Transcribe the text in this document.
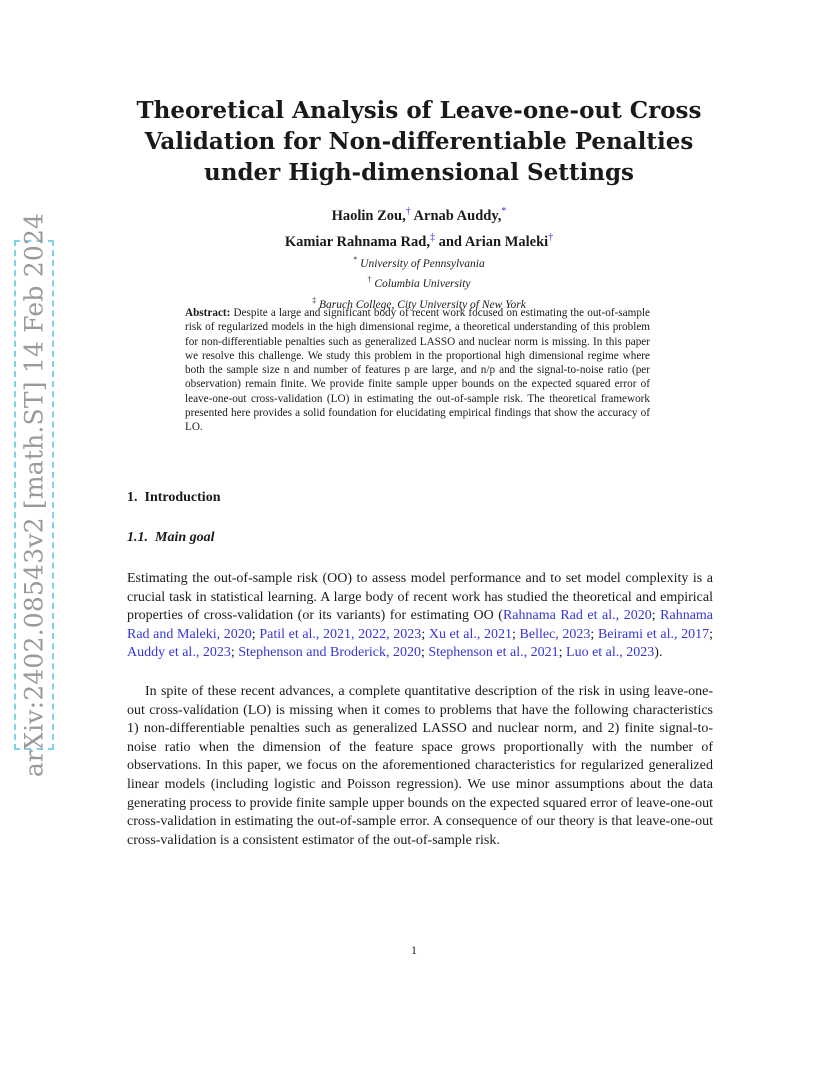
arXiv:2402.08543v2 [math.ST] 14 Feb 2024
Theoretical Analysis of Leave-one-out Cross Validation for Non-differentiable Penalties under High-dimensional Settings
Haolin Zou,† Arnab Auddy,*
Kamiar Rahnama Rad,‡ and Arian Maleki†
* University of Pennsylvania
† Columbia University
‡ Baruch College, City University of New York
Abstract: Despite a large and significant body of recent work focused on estimating the out-of-sample risk of regularized models in the high dimensional regime, a theoretical understanding of this problem for non-differentiable penalties such as generalized LASSO and nuclear norm is missing. In this paper we resolve this challenge. We study this problem in the proportional high dimensional regime where both the sample size n and number of features p are large, and n/p and the signal-to-noise ratio (per observation) remain finite. We provide finite sample upper bounds on the expected squared error of leave-one-out cross-validation (LO) in estimating the out-of-sample risk. The theoretical framework presented here provides a solid foundation for elucidating empirical findings that show the accuracy of LO.
1. Introduction
1.1. Main goal
Estimating the out-of-sample risk (OO) to assess model performance and to set model complexity is a crucial task in statistical learning. A large body of recent work has studied the theoretical and empirical properties of cross-validation (or its variants) for estimating OO (Rahnama Rad et al., 2020; Rahnama Rad and Maleki, 2020; Patil et al., 2021, 2022, 2023; Xu et al., 2021; Bellec, 2023; Beirami et al., 2017; Auddy et al., 2023; Stephenson and Broderick, 2020; Stephenson et al., 2021; Luo et al., 2023).
In spite of these recent advances, a complete quantitative description of the risk in using leave-one-out cross-validation (LO) is missing when it comes to problems that have the following characteristics 1) non-differentiable penalties such as generalized LASSO and nuclear norm, and 2) finite signal-to-noise ratio when the dimension of the feature space grows proportionally with the number of observations. In this paper, we focus on the aforementioned characteristics for regularized generalized linear models (including logistic and Poisson regression). We use minor assumptions about the data generating process to provide finite sample upper bounds on the expected squared error of leave-one-out cross-validation in estimating the out-of-sample error. A consequence of our theory is that leave-one-out cross-validation is a consistent estimator of the out-of-sample risk.
1
